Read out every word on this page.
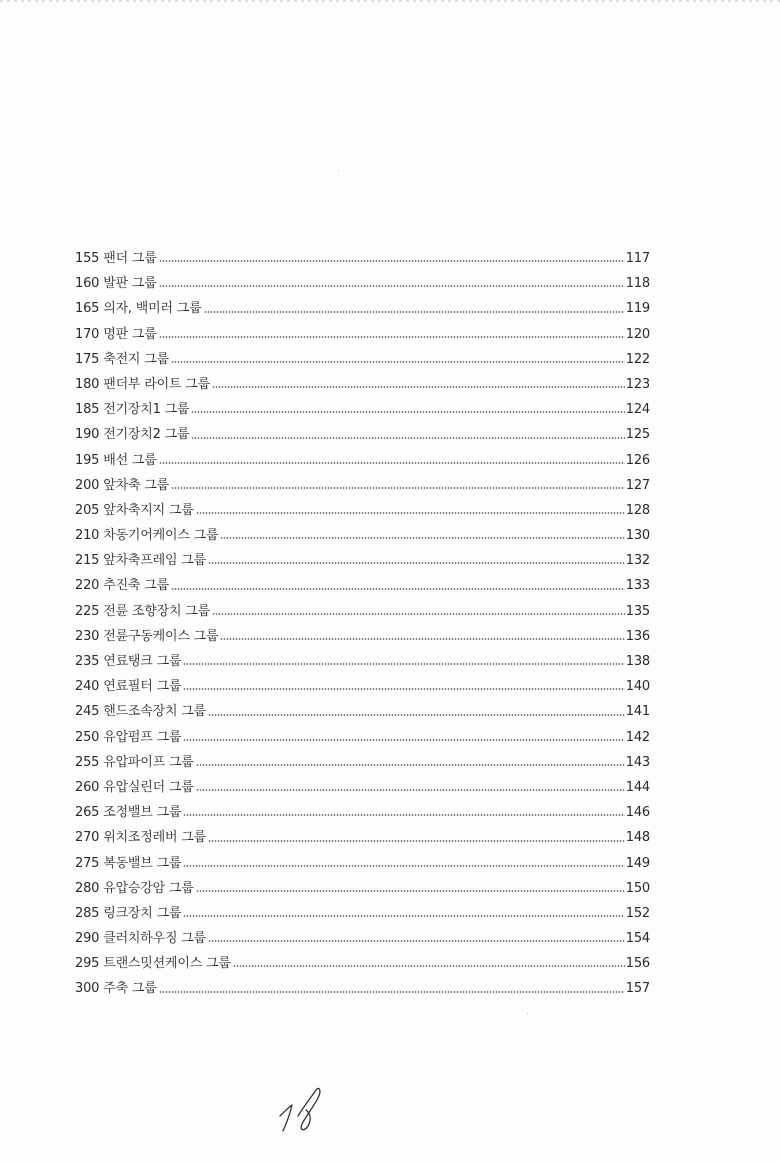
155 팬더 그룹	117
160 발판 그룹	118
165 의자, 백미러 그룹	119
170 명판 그룹	120
175 축전지 그룹	122
180 팬더부 라이트 그룹	123
185 전기장치1 그룹	124
190 전기장치2 그룹	125
195 배선 그룹	126
200 앞차축 그룹	127
205 앞차축지지 그룹	128
210 차동기어케이스 그룹	130
215 앞차축프레임 그룹	132
220 추진축 그룹	133
225 전륜 조향장치 그룹	135
230 전륜구동케이스 그룹	136
235 연료탱크 그룹	138
240 연료필터 그룹	140
245 핸드조속장치 그룹	141
250 유압펌프 그룹	142
255 유압파이프 그룹	143
260 유압실린더 그룹	144
265 조정밸브 그룹	146
270 위치조정레버 그룹	148
275 복동밸브 그룹	149
280 유압승강암 그룹	150
285 링크장치 그룹	152
290 클러치하우징 그룹	154
295 트랜스밋션케이스 그룹	156
300 주축 그룹	157
